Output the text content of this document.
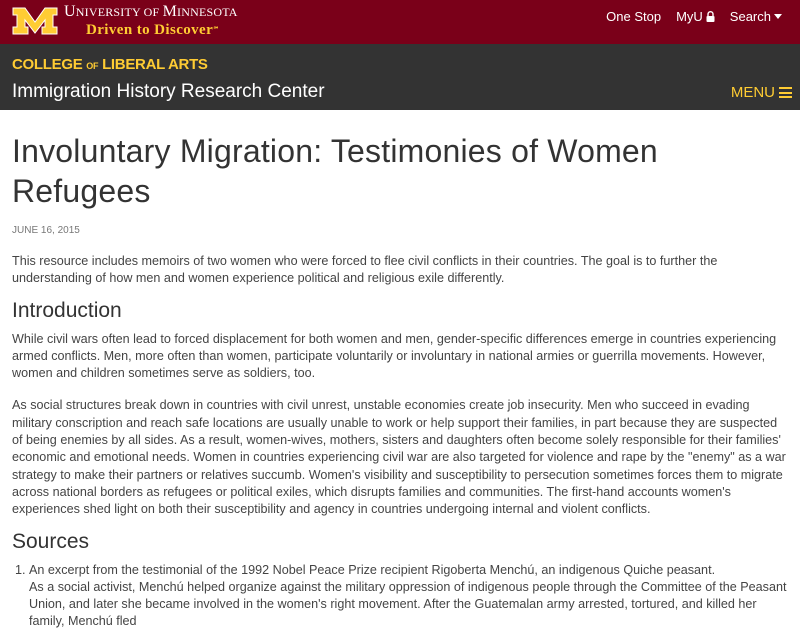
UNIVERSITY OF MINNESOTA
Driven to Discover℠
One Stop MyU Search
COLLEGE OF LIBERAL ARTS
Immigration History Research Center	MENU
Involuntary Migration: Testimonies of Women Refugees
JUNE 16, 2015

This resource includes memoirs of two women who were forced to flee civil conflicts in their countries. The goal is to further the understanding of how men and women experience political and religious exile differently.

Introduction

While civil wars often lead to forced displacement for both women and men, gender-specific differences emerge in countries experiencing armed conflicts. Men, more often than women, participate voluntarily or involuntary in national armies or guerrilla movements. However, women and children sometimes serve as soldiers, too.

As social structures break down in countries with civil unrest, unstable economies create job insecurity. Men who succeed in evading military conscription and reach safe locations are usually unable to work or help support their families, in part because they are suspected of being enemies by all sides. As a result, women-wives, mothers, sisters and daughters often become solely responsible for their families' economic and emotional needs. Women in countries experiencing civil war are also targeted for violence and rape by the "enemy" as a war strategy to make their partners or relatives succumb. Women's visibility and susceptibility to persecution sometimes forces them to migrate across national borders as refugees or political exiles, which disrupts families and communities. The first-hand accounts women's experiences shed light on both their susceptibility and agency in countries undergoing internal and violent conflicts.

Sources
1. An excerpt from the testimonial of the 1992 Nobel Peace Prize recipient Rigoberta Menchú, an indigenous Quiche peasant.
As a social activist, Menchú helped organize against the military oppression of indigenous people through the Committee of the Peasant Union, and later she became involved in the women's right movement. After the Guatemalan army arrested, tortured, and killed her family, Menchú fled
